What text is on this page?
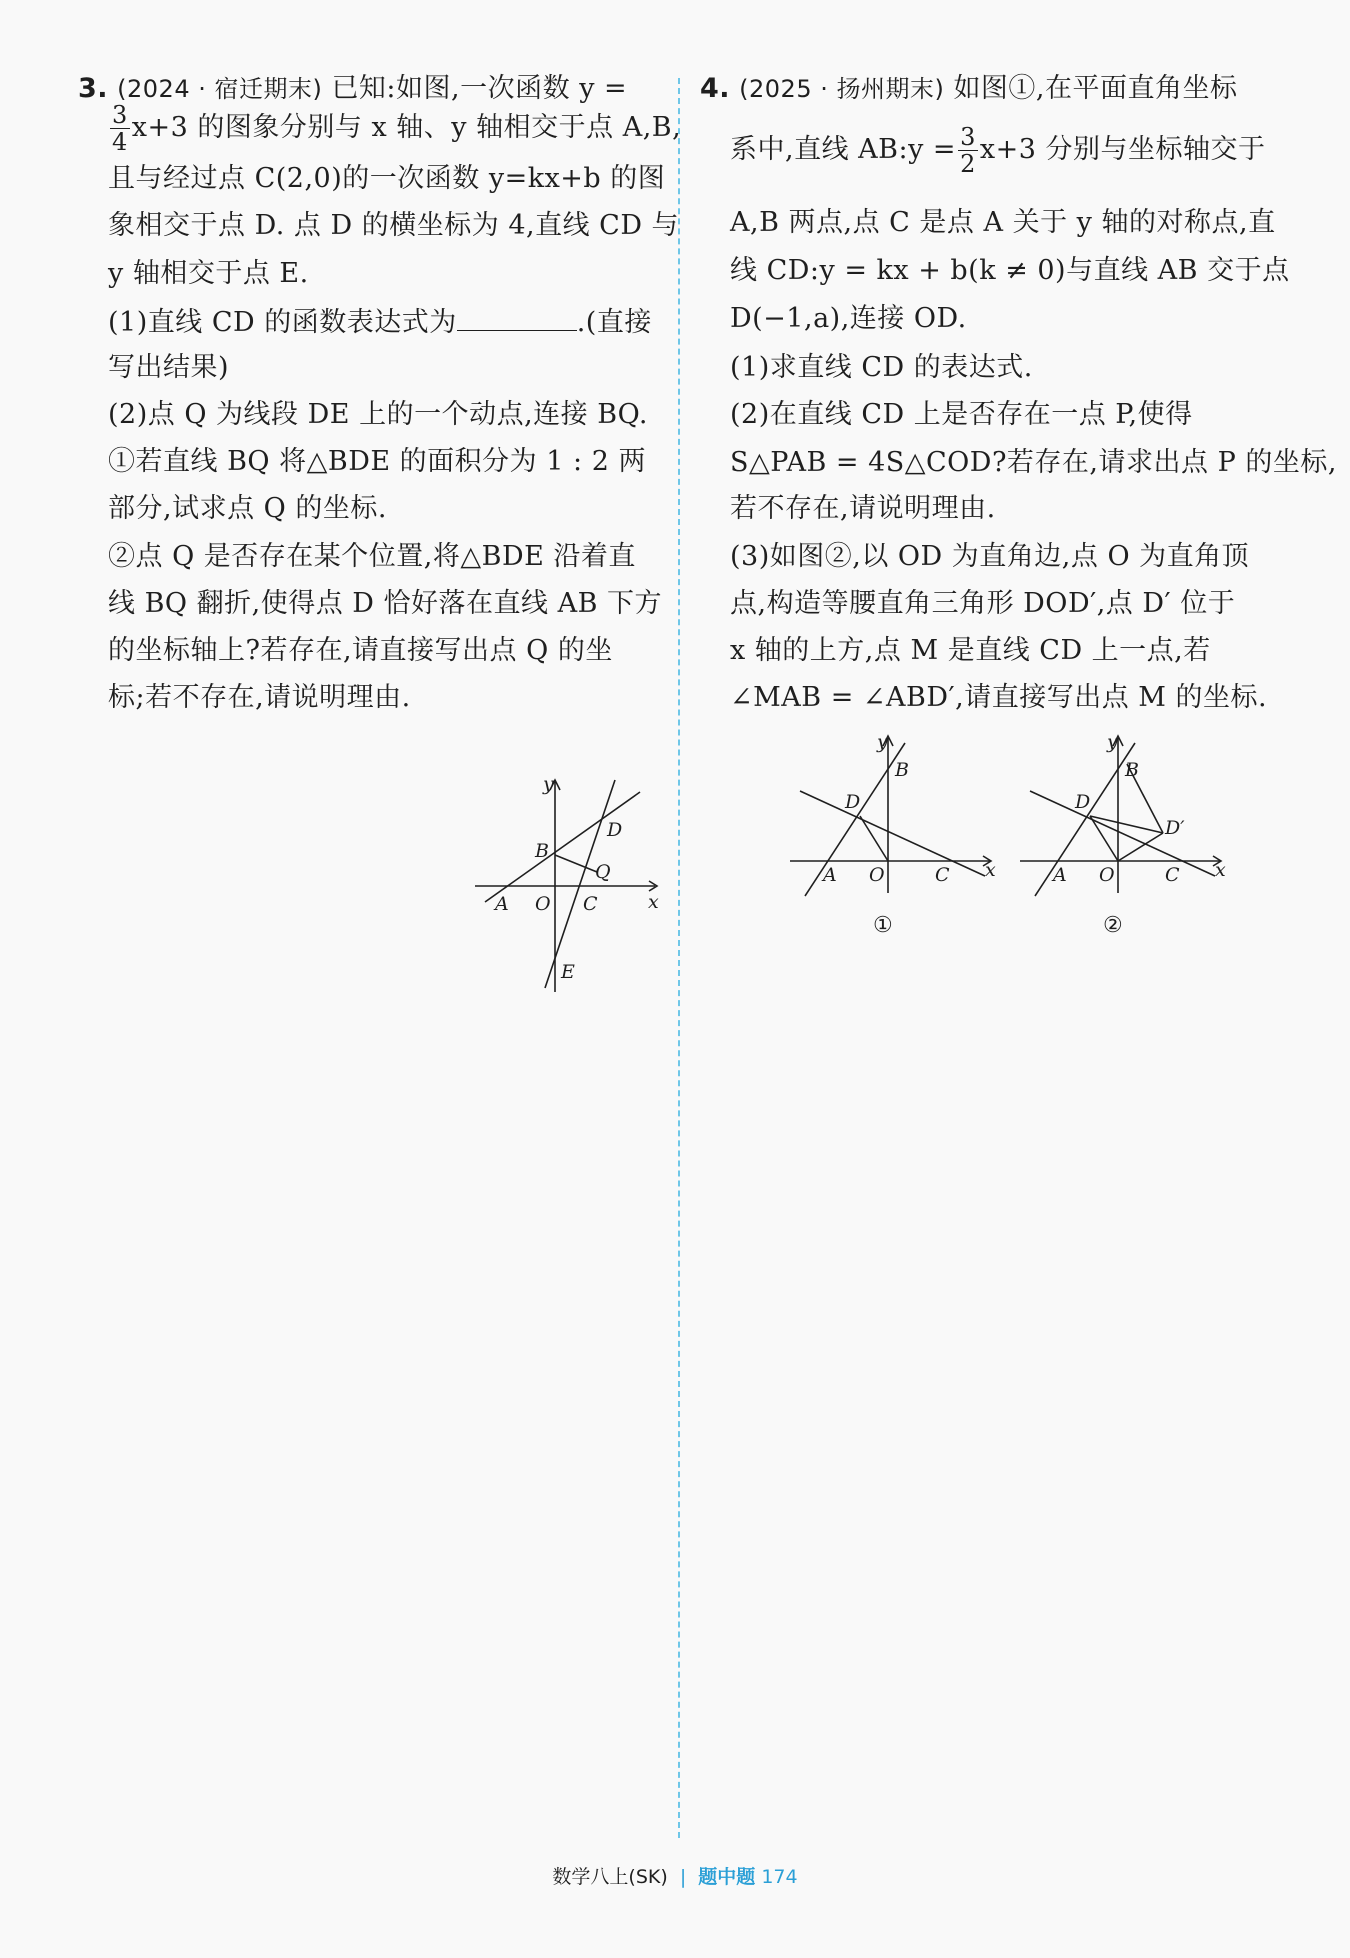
3. (2024 · 宿迁期末) 已知:如图,一次函数 y =
$\frac{3}{4} x+3$ 的图象分别与 x 轴、y 轴相交于点 A,B,
且与经过点 C(2,0)的一次函数 y=kx+b 的图
象相交于点 D. 点 D 的横坐标为 4,直线 CD 与
y 轴相交于点 E.
(1)直线 CD 的函数表达式为	.(直接
写出结果)
(2)点 Q 为线段 DE 上的一个动点,连接 BQ.
①若直线 BQ 将△BDE 的面积分为 1 : 2 两
部分,试求点 Q 的坐标.
②点 Q 是否存在某个位置,将△BDE 沿着直
线 BQ 翻折,使得点 D 恰好落在直线 AB 下方
的坐标轴上?若存在,请直接写出点 Q 的坐
标;若不存在,请说明理由.
y
x
A O C
B
D
Q
E
4. (2025 · 扬州期末) 如图①,在平面直角坐标
系中,直线 AB:y = $\frac{3}{2} x+3$ 分别与坐标轴交于
A,B 两点,点 C 是点 A 关于 y 轴的对称点,直
线 CD:y = kx + b(k ≠ 0)与直线 AB 交于点
D(−1,a),连接 OD.
(1)求直线 CD 的表达式.
(2)在直线 CD 上是否存在一点 P,使得
S△PAB = 4S△COD?若存在,请求出点 P 的坐标,
若不存在,请说明理由.
(3)如图②,以 OD 为直角边,点 O 为直角顶
点,构造等腰直角三角形 DOD′,点 D′ 位于
x 轴的上方,点 M 是直线 CD 上一点,若
∠MAB = ∠ABD′,请直接写出点 M 的坐标.
y
x
A O	C
B
D
①
y
x
A O	C
B
D
D′
②
数学八上(SK) | 题中题 174
